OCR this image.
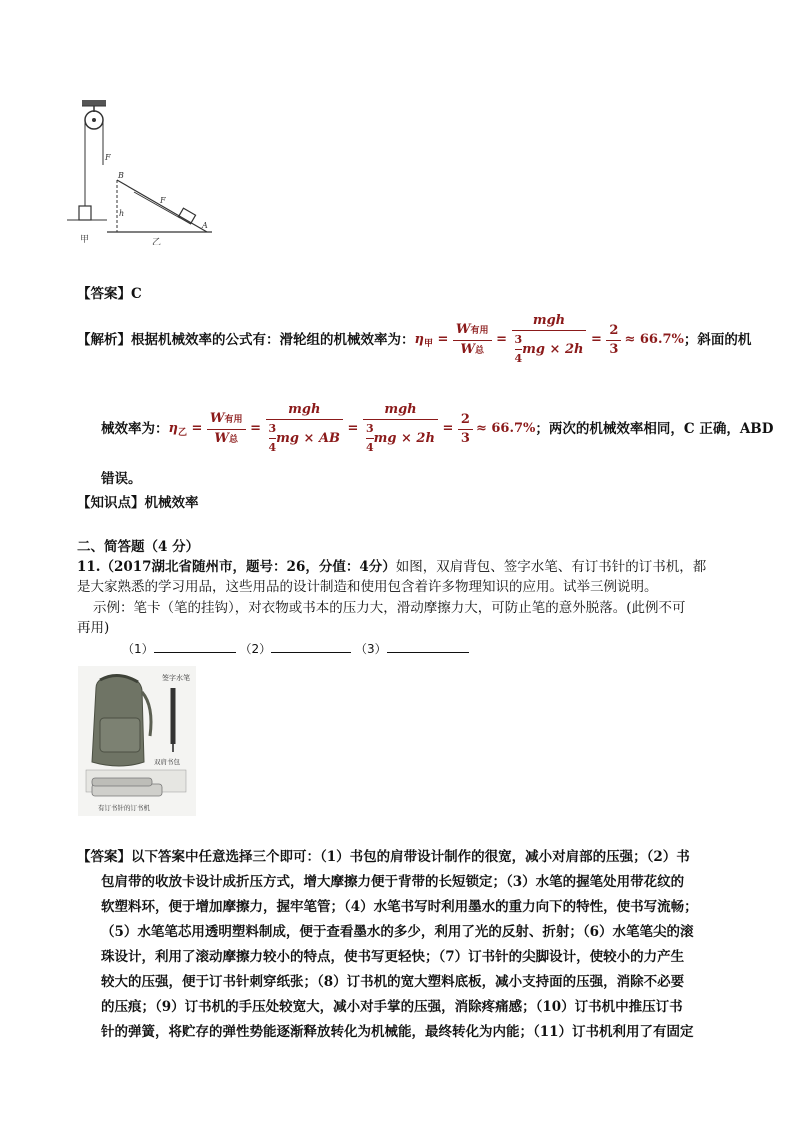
F
甲
B
h
F
A
乙
【答案】C
【解析】 根据机械效率的公式有：滑轮组的机械效率为： η 甲 = $\frac{\text{W有用}}{\text{W总}} = \frac{\text{mgh}}{\frac{3}{4} mg \times 2h} = \frac{2}{3} \approx 66.7\%$ ；斜面的机
械效率为： η 乙 = $\frac{\text{W有用}}{\text{W总}} = \frac{\text{mgh}}{\frac{3}{4} mg \times AB} = \frac{\text{mgh}}{\frac{3}{4} mg \times 2h} = \frac{2}{3} \approx 66.7\%$ ；两次的机械效率相同，C 正确，ABD
错误。
【知识点】机械效率
二、简答题（4 分）
11.（2017湖北省随州市，题号：26，分值：4分）如图，双肩背包、签字水笔、有订书针的订书机，都
是大家熟悉的学习用品，这些用品的设计制造和使用包含着许多物理知识的应用。试举三例说明。
示例：笔卡（笔的挂钩），对衣物或书本的压力大，滑动摩擦力大，可防止笔的意外脱落。(此例不可
再用)
（1）	（2）	（3）
签字水笔
双肩书包
有订书针的订书机
【答案】以下答案中任意选择三个即可：（1）书包的肩带设计制作的很宽，减小对肩部的压强；（2）书
包肩带的收放卡设计成折压方式，增大摩擦力便于背带的长短锁定；（3）水笔的握笔处用带花纹的
软塑料环，便于增加摩擦力，握牢笔管；（4）水笔书写时利用墨水的重力向下的特性，使书写流畅；
（5）水笔笔芯用透明塑料制成，便于查看墨水的多少，利用了光的反射、折射；（6）水笔笔尖的滚
珠设计，利用了滚动摩擦力较小的特点，使书写更轻快；（7）订书针的尖脚设计，使较小的力产生
较大的压强，便于订书针刺穿纸张；（8）订书机的宽大塑料底板，减小支持面的压强，消除不必要
的压痕；（9）订书机的手压处较宽大，减小对手掌的压强，消除疼痛感；（10）订书机中推压订书
针的弹簧，将贮存的弹性势能逐渐释放转化为机械能，最终转化为内能；（11）订书机利用了有固定
